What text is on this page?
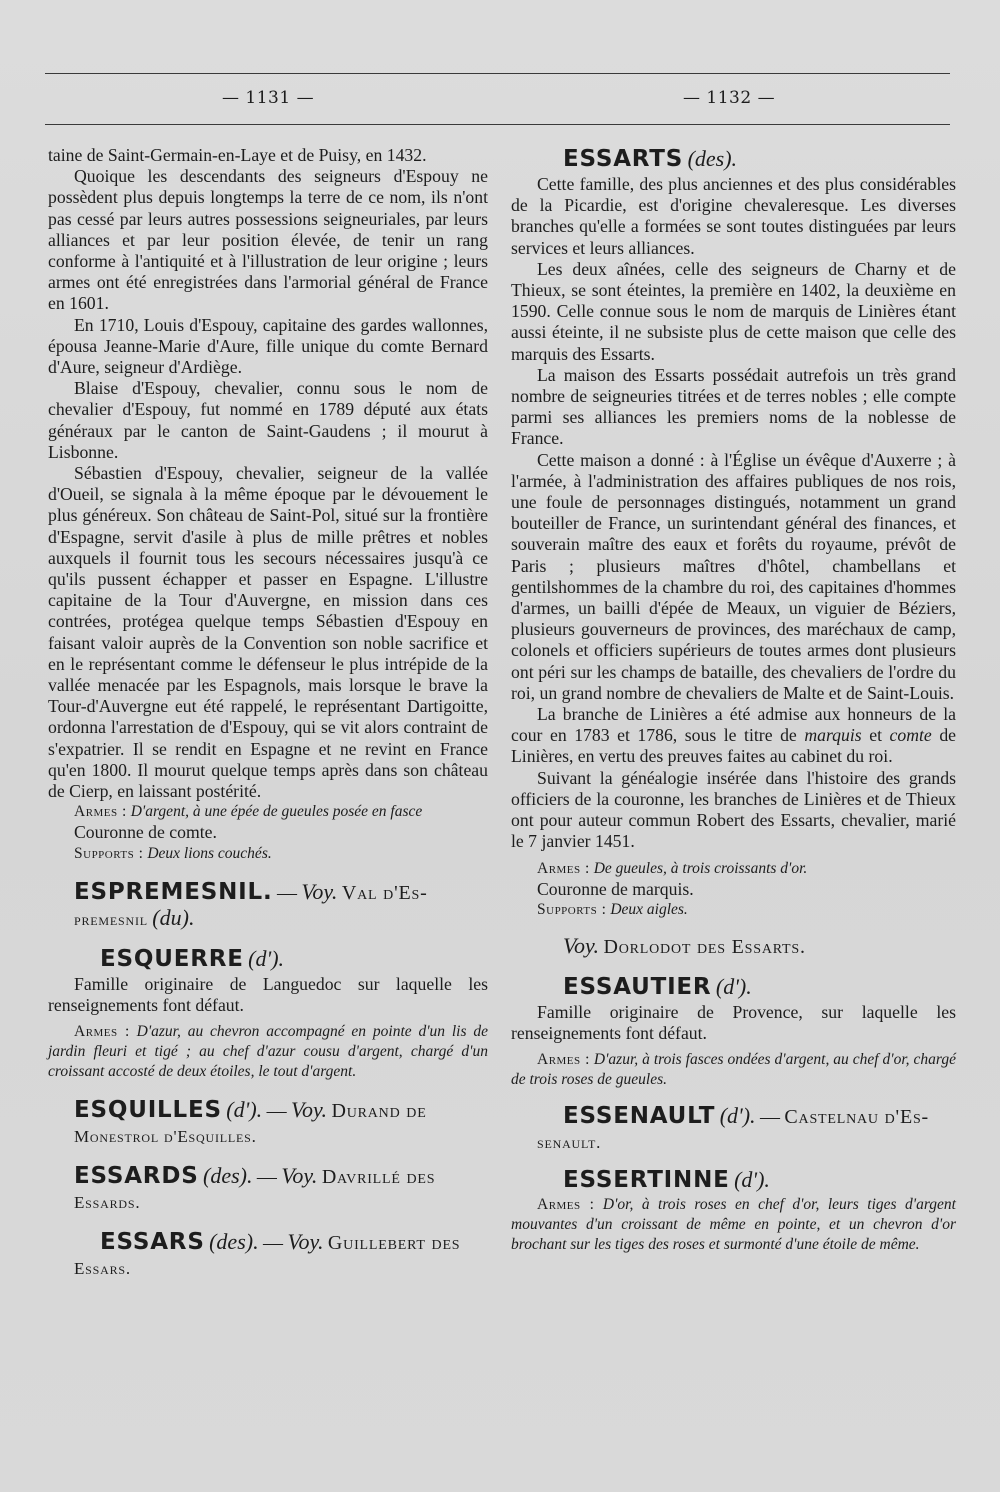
— 1131 —	— 1132 —

taine de Saint-Germain-en-Laye et de Puisy, en 1432.

Quoique les descendants des seigneurs d'Espouy ne possèdent plus depuis longtemps la terre de ce nom, ils n'ont pas cessé par leurs autres possessions seigneuriales, par leurs alliances et par leur position élevée, de tenir un rang conforme à l'antiquité et à l'illustration de leur origine ; leurs armes ont été enregistrées dans l'armorial général de France en 1601.

En 1710, Louis d'Espouy, capitaine des gardes wallonnes, épousa Jeanne-Marie d'Aure, fille unique du comte Bernard d'Aure, seigneur d'Ardiège.

Blaise d'Espouy, chevalier, connu sous le nom de chevalier d'Espouy, fut nommé en 1789 député aux états généraux par le canton de Saint-Gaudens ; il mourut à Lisbonne.

Sébastien d'Espouy, chevalier, seigneur de la vallée d'Oueil, se signala à la même époque par le dévouement le plus généreux. Son château de Saint-Pol, situé sur la frontière d'Espagne, servit d'asile à plus de mille prêtres et nobles auxquels il fournit tous les secours nécessaires jusqu'à ce qu'ils pussent échapper et passer en Espagne. L'illustre capitaine de la Tour d'Auvergne, en mission dans ces contrées, protégea quelque temps Sébastien d'Espouy en faisant valoir auprès de la Convention son noble sacrifice et en le représentant comme le défenseur le plus intrépide de la vallée menacée par les Espagnols, mais lorsque le brave la Tour-d'Auvergne eut été rappelé, le représentant Dartigoitte, ordonna l'arrestation de d'Espouy, qui se vit alors contraint de s'expatrier. Il se rendit en Espagne et ne revint en France qu'en 1800. Il mourut quelque temps après dans son château de Cierp, en laissant postérité.

Armes : D'argent, à une épée de gueules posée en fasce

Couronne de comte.

Supports : Deux lions couchés.

ESPREMESNIL. — Voy. Val d'Es-

premesnil (du).

ESQUERRE (d').

Famille originaire de Languedoc sur laquelle les renseignements font défaut.

Armes : D'azur, au chevron accompagné en pointe d'un lis de jardin fleuri et tigé ; au chef d'azur cousu d'argent, chargé d'un croissant accosté de deux étoiles, le tout d'argent.

ESQUILLES (d'). — Voy. Durand de

Monestrol d'Esquilles.

ESSARDS (des). — Voy. Davrillé des

Essards.

ESSARS (des). — Voy. Guillebert des

Essars.

ESSARTS (des).

Cette famille, des plus anciennes et des plus considérables de la Picardie, est d'origine chevaleresque. Les diverses branches qu'elle a formées se sont toutes distinguées par leurs services et leurs alliances.

Les deux aînées, celle des seigneurs de Charny et de Thieux, se sont éteintes, la première en 1402, la deuxième en 1590. Celle connue sous le nom de marquis de Linières étant aussi éteinte, il ne subsiste plus de cette maison que celle des marquis des Essarts.

La maison des Essarts possédait autrefois un très grand nombre de seigneuries titrées et de terres nobles ; elle compte parmi ses alliances les premiers noms de la noblesse de France.

Cette maison a donné : à l'Église un évêque d'Auxerre ; à l'armée, à l'administration des affaires publiques de nos rois, une foule de personnages distingués, notamment un grand bouteiller de France, un surintendant général des finances, et souverain maître des eaux et forêts du royaume, prévôt de Paris ; plusieurs maîtres d'hôtel, chambellans et gentilshommes de la chambre du roi, des capitaines d'hommes d'armes, un bailli d'épée de Meaux, un viguier de Béziers, plusieurs gouverneurs de provinces, des maréchaux de camp, colonels et officiers supérieurs de toutes armes dont plusieurs ont péri sur les champs de bataille, des chevaliers de l'ordre du roi, un grand nombre de chevaliers de Malte et de Saint-Louis.

La branche de Linières a été admise aux honneurs de la cour en 1783 et 1786, sous le titre de marquis et comte de Linières, en vertu des preuves faites au cabinet du roi.

Suivant la généalogie insérée dans l'histoire des grands officiers de la couronne, les branches de Linières et de Thieux ont pour auteur commun Robert des Essarts, chevalier, marié le 7 janvier 1451.

Armes : De gueules, à trois croissants d'or.

Couronne de marquis.

Supports : Deux aigles.

Voy. Dorlodot des Essarts.

ESSAUTIER (d').

Famille originaire de Provence, sur laquelle les renseignements font défaut.

Armes : D'azur, à trois fasces ondées d'argent, au chef d'or, chargé de trois roses de gueules.

ESSENAULT (d'). — Castelnau d'Es-

senault.

ESSERTINNE (d').

Armes : D'or, à trois roses en chef d'or, leurs tiges d'argent mouvantes d'un croissant de même en pointe, et un chevron d'or brochant sur les tiges des roses et surmonté d'une étoile de même.
